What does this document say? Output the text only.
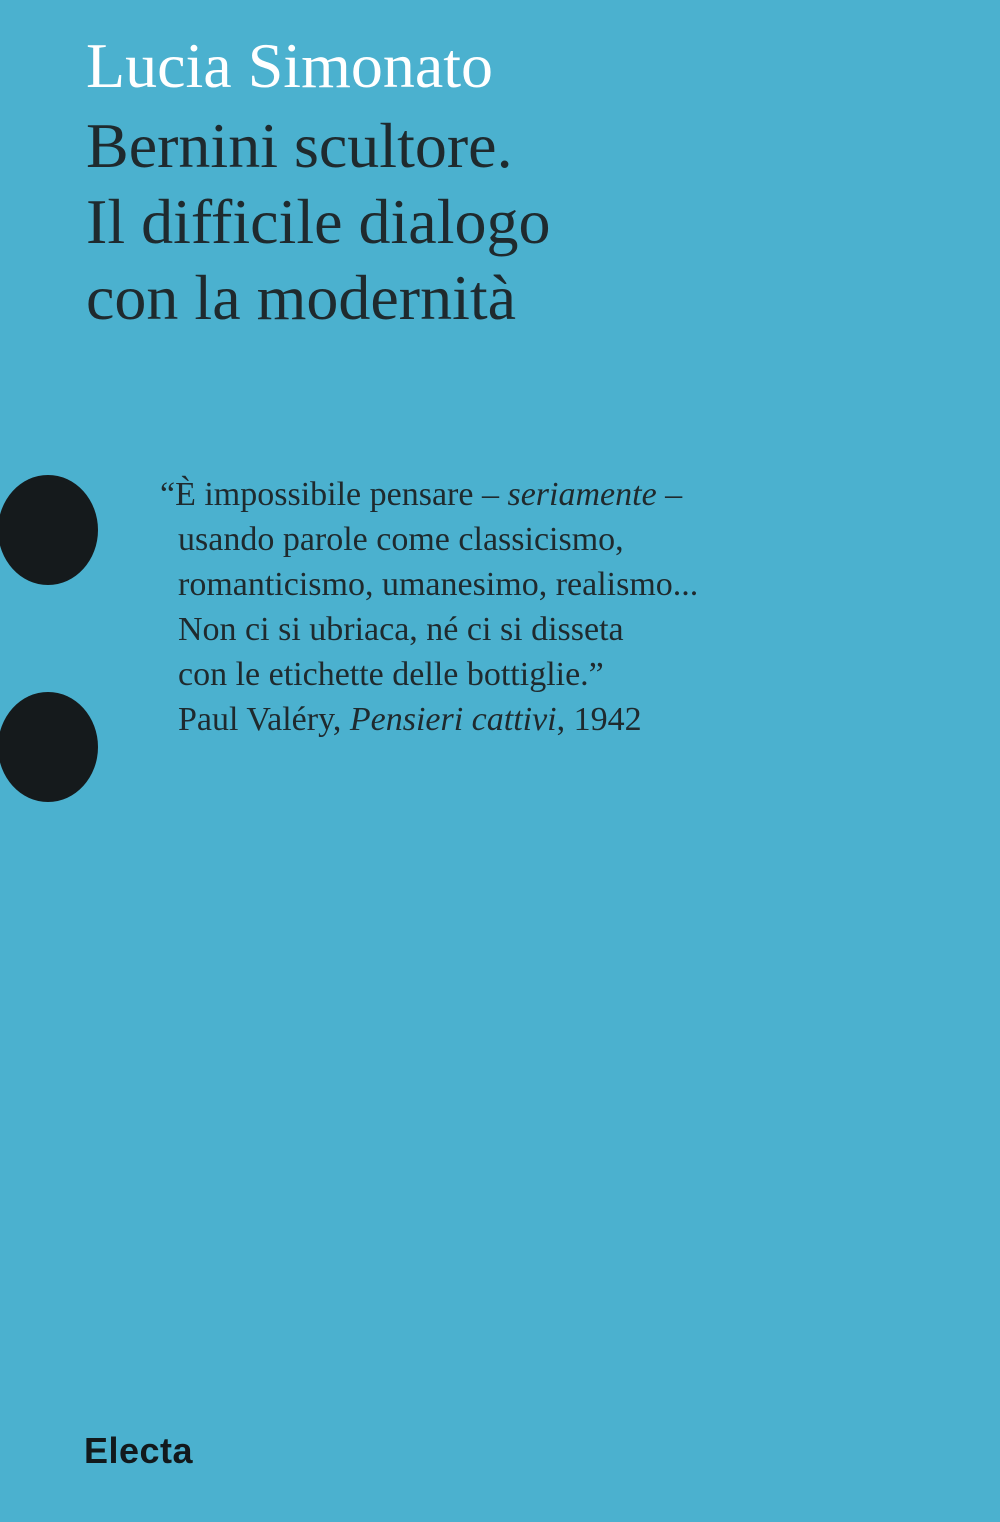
Lucia Simonato
Bernini scultore.
Il difficile dialogo
con la modernità
“È impossibile pensare – seriamente –
usando parole come classicismo,
romanticismo, umanesimo, realismo...
Non ci si ubriaca, né ci si disseta
con le etichette delle bottiglie.”
Paul Valéry, Pensieri cattivi, 1942
Electa
